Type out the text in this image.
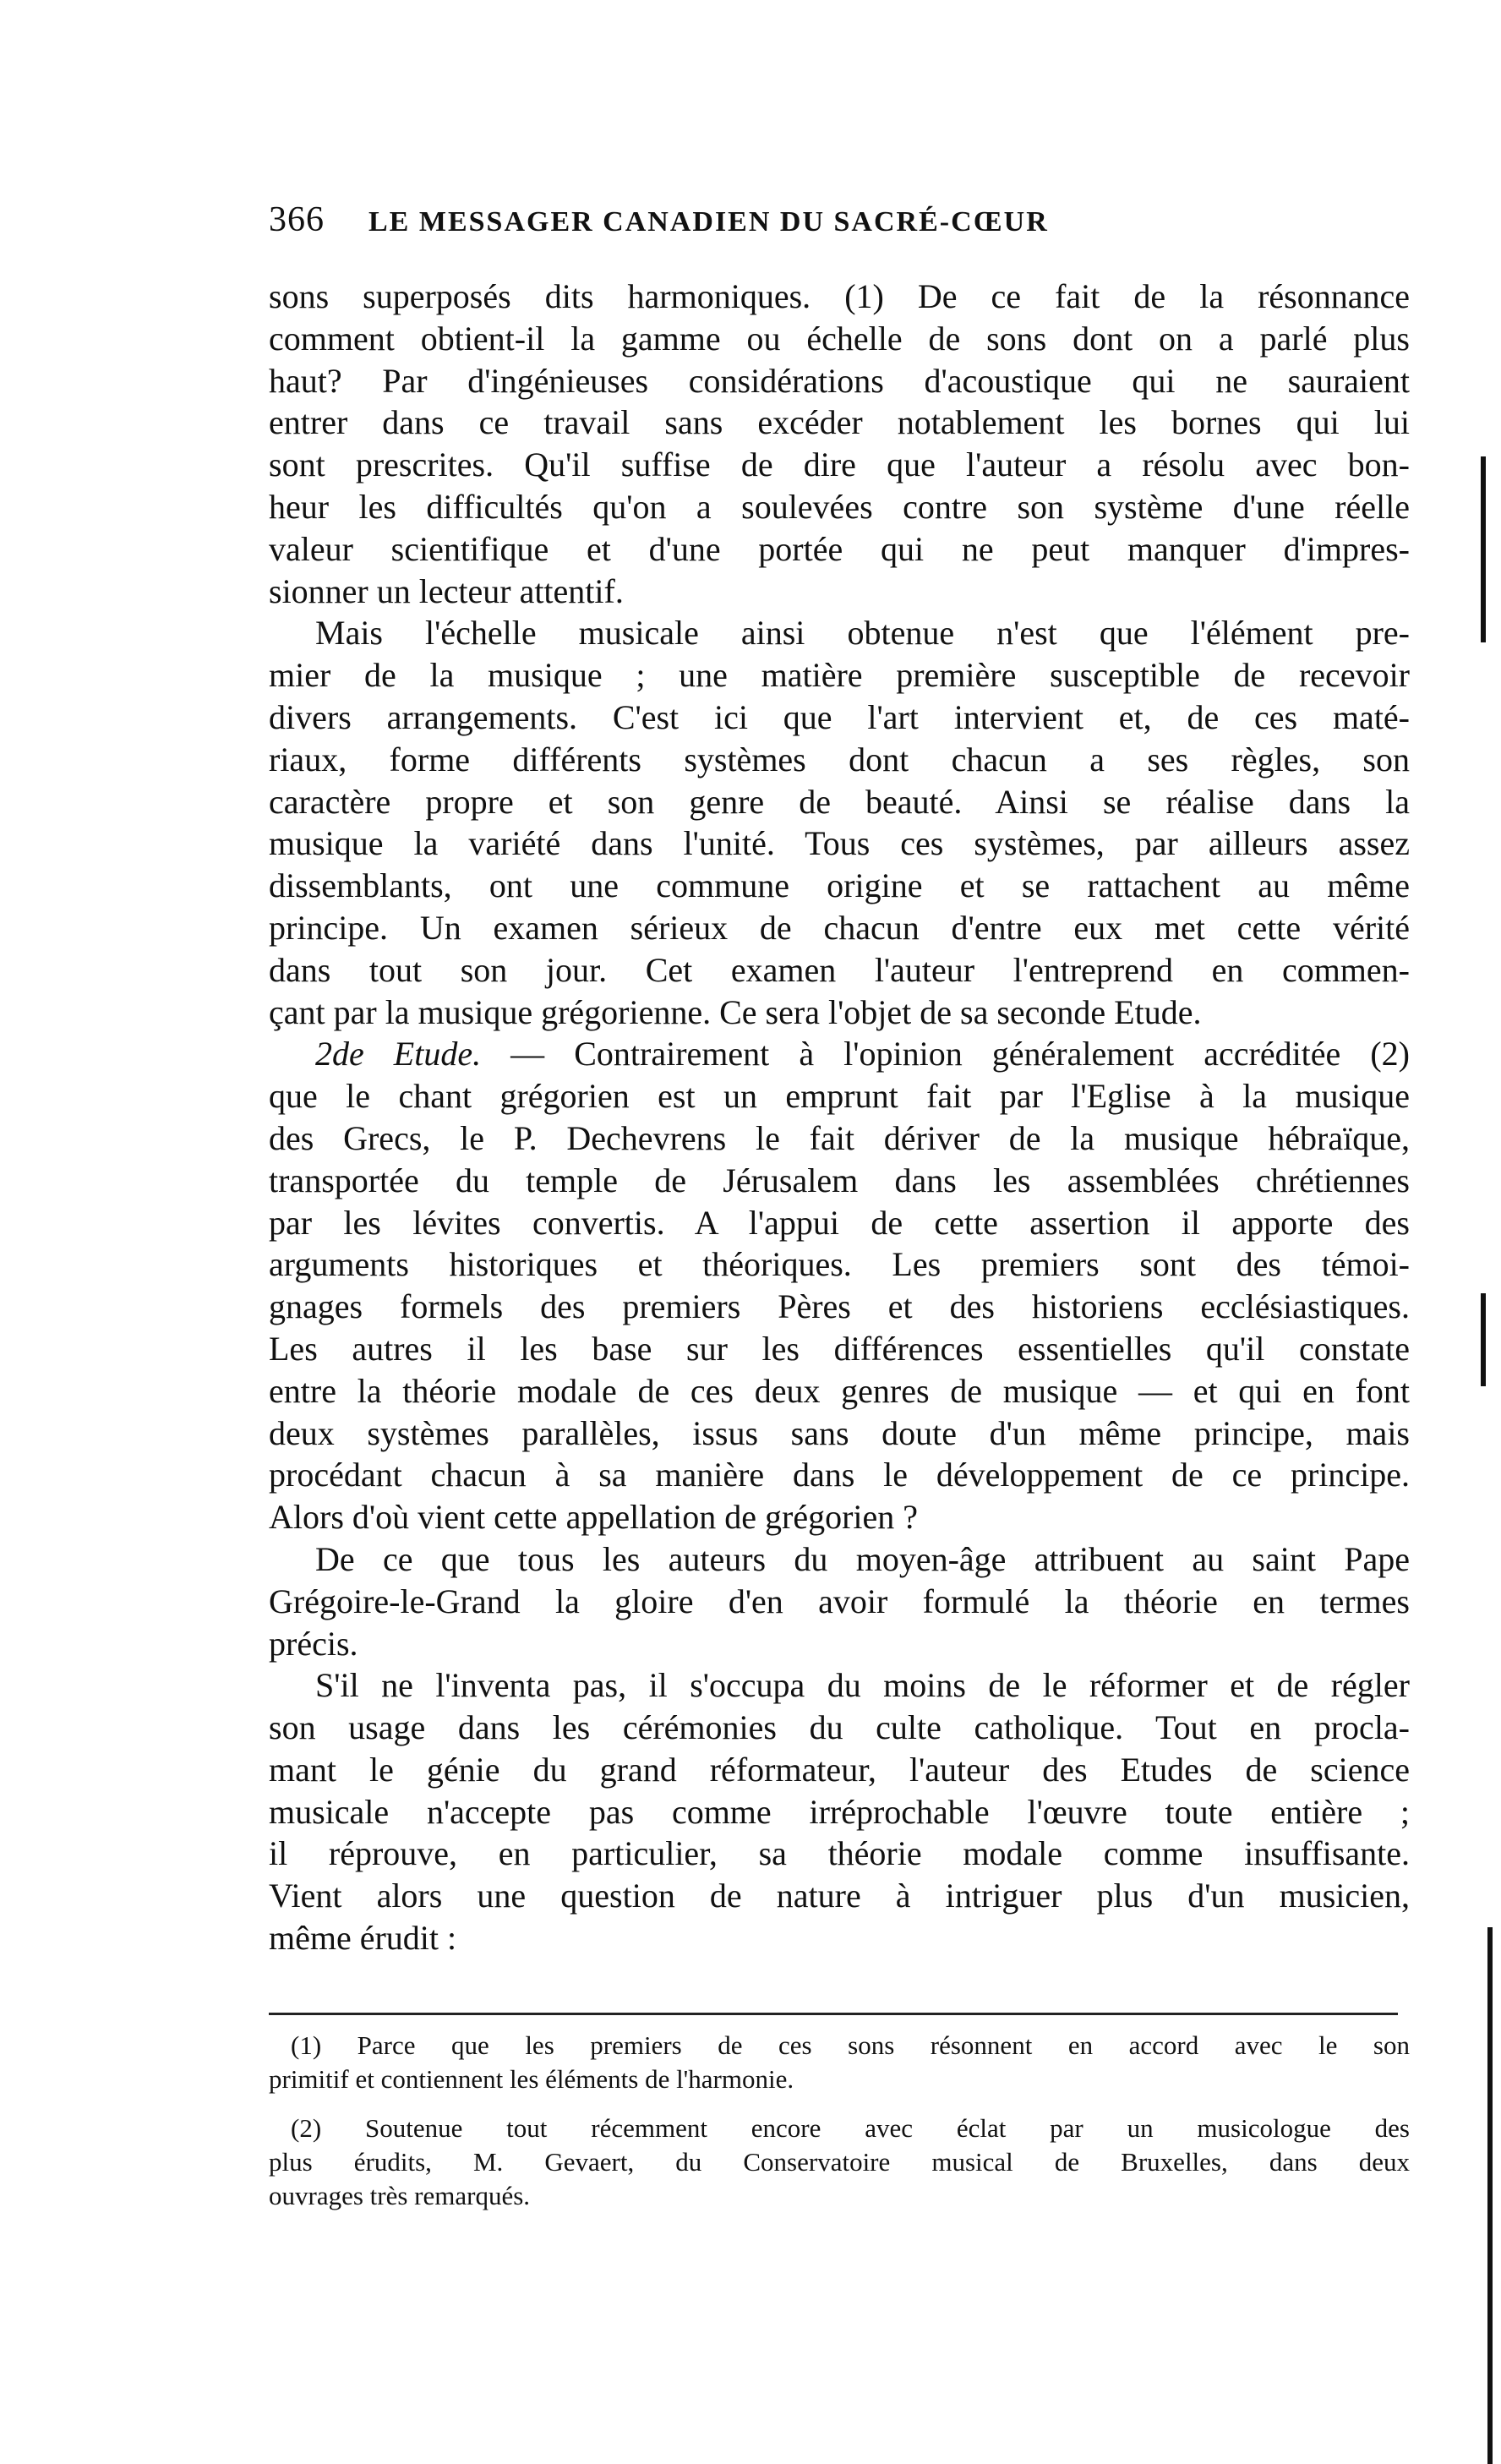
366 LE MESSAGER CANADIEN DU SACRÉ-CŒUR
sons superposés dits harmoniques. (1) De ce fait de la résonnance
comment obtient-il la gamme ou échelle de sons dont on a parlé plus
haut? Par d'ingénieuses considérations d'acoustique qui ne sauraient
entrer dans ce travail sans excéder notablement les bornes qui lui
sont prescrites. Qu'il suffise de dire que l'auteur a résolu avec bon-
heur les difficultés qu'on a soulevées contre son système d'une réelle
valeur scientifique et d'une portée qui ne peut manquer d'impres-
sionner un lecteur attentif.
Mais l'échelle musicale ainsi obtenue n'est que l'élément pre-
mier de la musique ; une matière première susceptible de recevoir
divers arrangements. C'est ici que l'art intervient et, de ces maté-
riaux, forme différents systèmes dont chacun a ses règles, son
caractère propre et son genre de beauté. Ainsi se réalise dans la
musique la variété dans l'unité. Tous ces systèmes, par ailleurs assez
dissemblants, ont une commune origine et se rattachent au même
principe. Un examen sérieux de chacun d'entre eux met cette vérité
dans tout son jour. Cet examen l'auteur l'entreprend en commen-
çant par la musique grégorienne. Ce sera l'objet de sa seconde Etude.
2de Etude. — Contrairement à l'opinion généralement accréditée (2)
que le chant grégorien est un emprunt fait par l'Eglise à la musique
des Grecs, le P. Dechevrens le fait dériver de la musique hébraïque,
transportée du temple de Jérusalem dans les assemblées chrétiennes
par les lévites convertis. A l'appui de cette assertion il apporte des
arguments historiques et théoriques. Les premiers sont des témoi-
gnages formels des premiers Pères et des historiens ecclésiastiques.
Les autres il les base sur les différences essentielles qu'il constate
entre la théorie modale de ces deux genres de musique — et qui en font
deux systèmes parallèles, issus sans doute d'un même principe, mais
procédant chacun à sa manière dans le développement de ce principe.
Alors d'où vient cette appellation de grégorien ?
De ce que tous les auteurs du moyen-âge attribuent au saint Pape
Grégoire-le-Grand la gloire d'en avoir formulé la théorie en termes
précis.
S'il ne l'inventa pas, il s'occupa du moins de le réformer et de régler
son usage dans les cérémonies du culte catholique. Tout en procla-
mant le génie du grand réformateur, l'auteur des Etudes de science
musicale n'accepte pas comme irréprochable l'œuvre toute entière ;
il réprouve, en particulier, sa théorie modale comme insuffisante.
Vient alors une question de nature à intriguer plus d'un musicien,
même érudit :
(1) Parce que les premiers de ces sons résonnent en accord avec le son
primitif et contiennent les éléments de l'harmonie.
(2) Soutenue tout récemment encore avec éclat par un musicologue des
plus érudits, M. Gevaert, du Conservatoire musical de Bruxelles, dans deux
ouvrages très remarqués.
